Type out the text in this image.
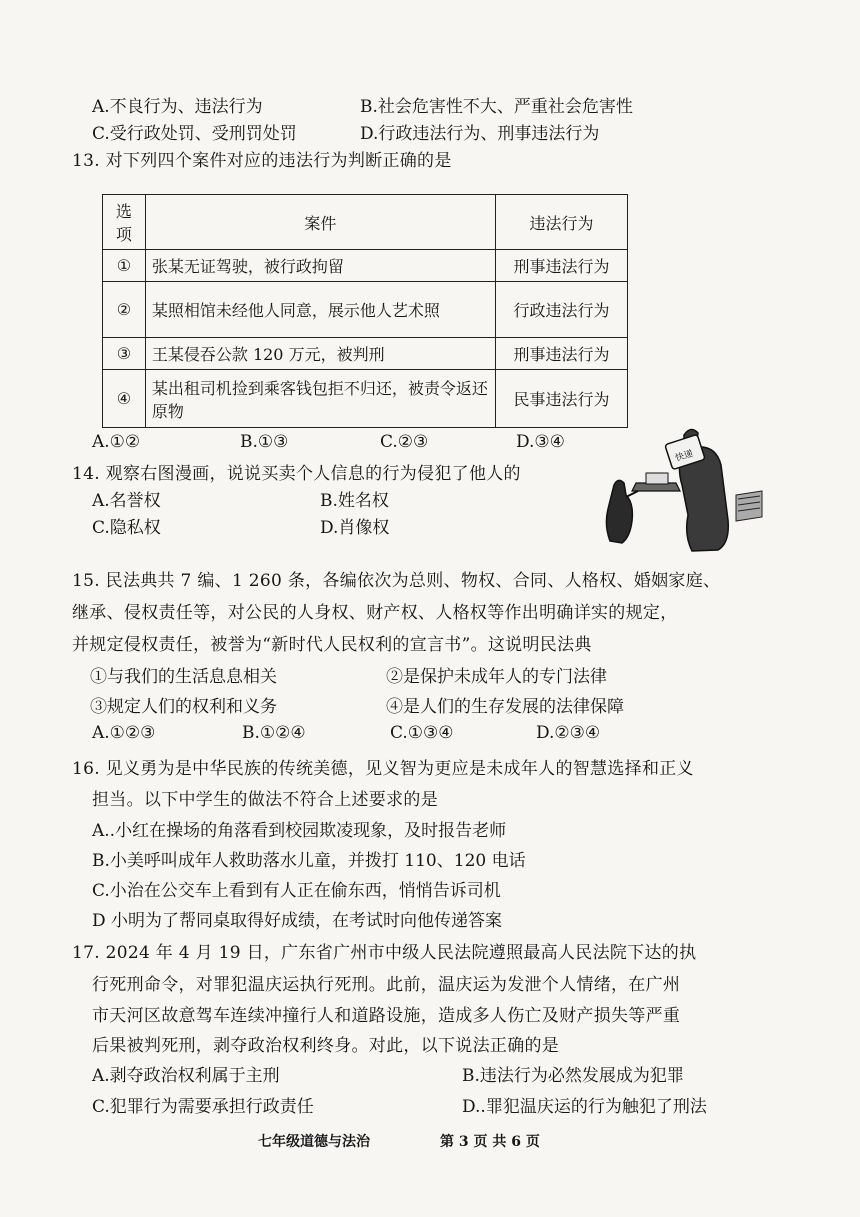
A.不良行为、违法行为	B.社会危害性不大、严重社会危害性
C.受行政处罚、受刑罚处罚	D.行政违法行为、刑事违法行为
13. 对下列四个案件对应的违法行为判断正确的是
选项	案件	违法行为
①	张某无证驾驶，被行政拘留	刑事违法行为
②	某照相馆未经他人同意，展示他人艺术照	行政违法行为
③	王某侵吞公款 120 万元，被判刑	刑事违法行为
④	某出租司机捡到乘客钱包拒不归还，被责令返还原物	民事违法行为
A.①②	B.①③	C.②③	D.③④
14. 观察右图漫画，说说买卖个人信息的行为侵犯了他人的
A.名誉权	B.姓名权
C.隐私权	D.肖像权
快递
15. 民法典共 7 编、1 260 条，各编依次为总则、物权、合同、人格权、婚姻家庭、
继承、侵权责任等，对公民的人身权、财产权、人格权等作出明确详实的规定，
并规定侵权责任，被誉为“新时代人民权利的宣言书”。这说明民法典
①与我们的生活息息相关	②是保护未成年人的专门法律
③规定人们的权利和义务	④是人们的生存发展的法律保障
A.①②③	B.①②④	C.①③④	D.②③④
16. 见义勇为是中华民族的传统美德，见义智为更应是未成年人的智慧选择和正义
担当。以下中学生的做法不符合上述要求的是
A..小红在操场的角落看到校园欺凌现象，及时报告老师
B.小美呼叫成年人救助落水儿童，并拨打 110、120 电话
C.小治在公交车上看到有人正在偷东西，悄悄告诉司机
D 小明为了帮同桌取得好成绩，在考试时向他传递答案
17. 2024 年 4 月 19 日，广东省广州市中级人民法院遵照最高人民法院下达的执
行死刑命令，对罪犯温庆运执行死刑。此前，温庆运为发泄个人情绪，在广州
市天河区故意驾车连续冲撞行人和道路设施，造成多人伤亡及财产损失等严重
后果被判死刑，剥夺政治权利终身。对此，以下说法正确的是
A.剥夺政治权利属于主刑	B.违法行为必然发展成为犯罪
C.犯罪行为需要承担行政责任	D..罪犯温庆运的行为触犯了刑法
七年级道德与法治	第 3 页 共 6 页
